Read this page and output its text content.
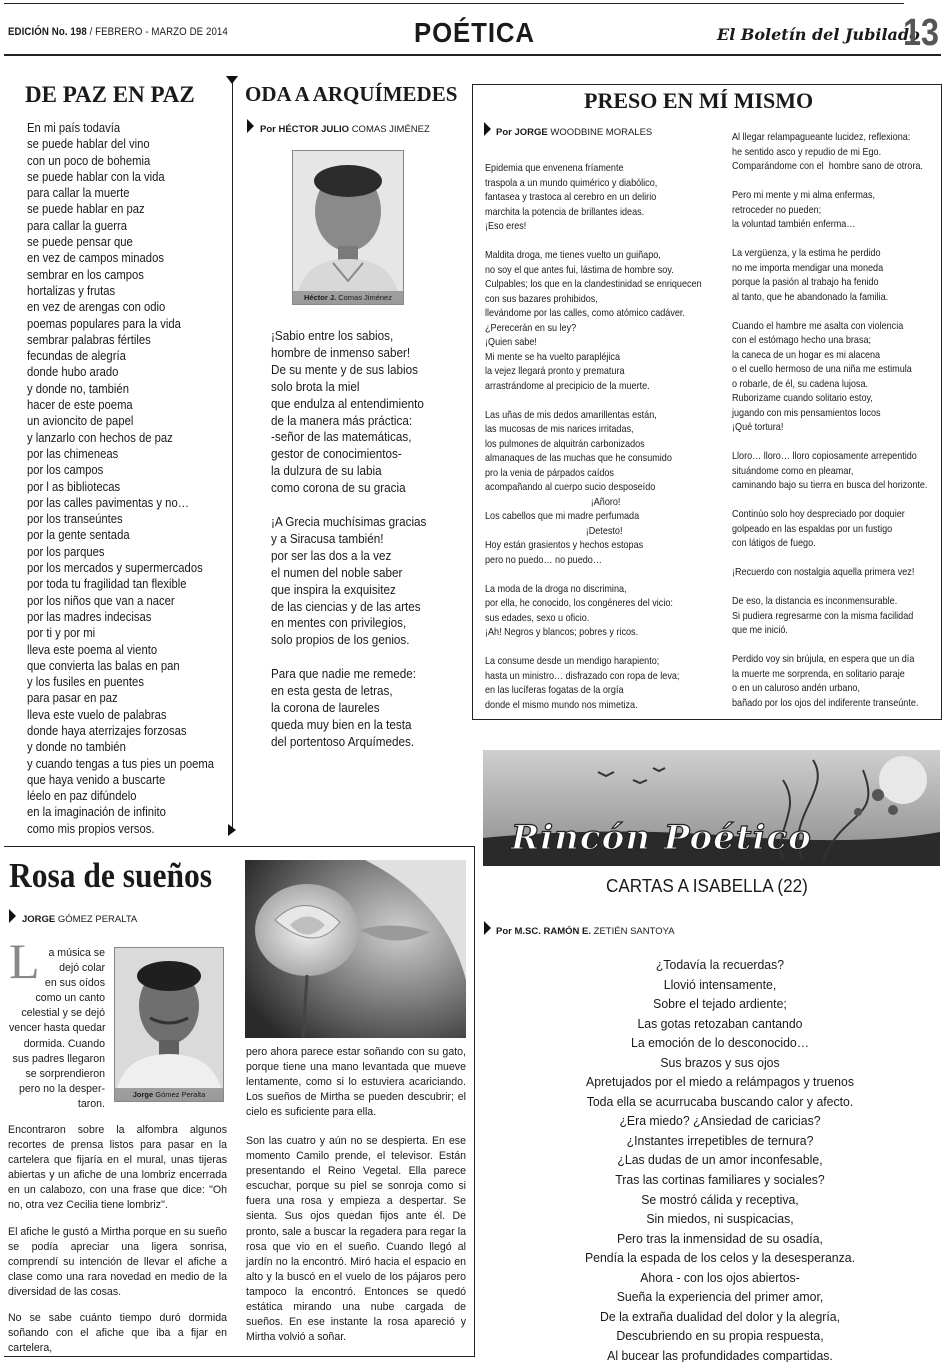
EDICIÓN No. 198 / FEBRERO - MARZO DE 2014	POÉTICA	El Boletín del Jubilado
13
DE PAZ EN PAZ
En mi país todavía
se puede hablar del vino
con un poco de bohemia
se puede hablar con la vida
para callar la muerte
se puede hablar en paz
para callar la guerra
se puede pensar que
en vez de campos minados
sembrar en los campos
hortalizas y frutas
en vez de arengas con odio
poemas populares para la vida
sembrar palabras fértiles
fecundas de alegría
donde hubo arado
y donde no, también
hacer de este poema
un avioncito de papel
y lanzarlo con hechos de paz
por las chimeneas
por los campos
por l as bibliotecas
por las calles pavimentas y no…
por los transeúntes
por la gente sentada
por los parques
por los mercados y supermercados
por toda tu fragilidad tan flexible
por los niños que van a nacer
por las madres indecisas
por ti y por mi
lleva este poema al viento
que convierta las balas en pan
y los fusiles en puentes
para pasar en paz
lleva este vuelo de palabras
donde haya aterrizajes forzosas
y donde no también
y cuando tengas a tus pies un poema
que haya venido a buscarte
léelo en paz difúndelo
en la imaginación de infinito
como mis propios versos.
ODA A ARQUÍMEDES
Por HÉCTOR JULIO COMAS JIMÉNEZ
Héctor J. Comas Jiménez
¡Sabio entre los sabios,
hombre de inmenso saber!
De su mente y de sus labios
solo brota la miel
que endulza al entendimiento
de la manera más práctica:
-señor de las matemáticas,
gestor de conocimientos-
la dulzura de su labia
como corona de su gracia

¡A Grecia muchísimas gracias
y a Siracusa también!
por ser las dos a la vez
el numen del noble saber
que inspira la exquisitez
de las ciencias y de las artes
en mentes con privilegios,
solo propios de los genios.

Para que nadie me remede:
en esta gesta de letras,
la corona de laureles
queda muy bien en la testa
del portentoso Arquímedes.
PRESO EN MÍ MISMO
Por JORGE WOODBINE MORALES
Epidemia que envenena fríamente
traspola a un mundo quiméricо y diabólico,
fantasea y trastoca al cerebro en un delirio
marchita la potencia de brillantes ideas.
¡Eso eres!

Maldita droga, me tienes vuelto un guiñapo,
no soy el que antes fui, lástima de hombre soy.
Culpables; los que en la clandestinidad se enriquecen
con sus bazares prohibidos,
llevándome por las calles, como atómico cadáver.
¿Perecerán en su ley?
¡Quien sabe!
Mi mente se ha vuelto parapléjica
la vejez llegará pronto y prematura
arrastrándome al precipicio de la muerte.

Las uñas de mis dedos amarillentas están,
las mucosas de mis narices irritadas,
los pulmones de alquitrán carbonizados
almanaques de las muchas que he consumido
pro la venia de párpados caídos
acompañando al cuerpo sucio desposeído
¡Añoro!
Los cabellos que mi madre perfumada
¡Detesto!
Hoy están grasientos y hechos estopas
pero no puedo… no puedo…

La moda de la droga no discrimina,
por ella, he conocido, los congéneres del vicio:
sus edades, sexo u oficio.
¡Ah! Negros y blancos; pobres y ricos.

La consume desde un mendigo harapiento;
hasta un ministro… disfrazado con ropa de leva;
en las lucíferas fogatas de la orgía
donde el mismo mundo nos mimetiza.
Al llegar relampagueante lucidez, reflexiona:
he sentido asco y repudio de mi Ego.
Comparándome con el  hombre sano de otrora.

Pero mi mente y mi alma enfermas,
retroceder no pueden;
la voluntad también enferma…

La vergüenza, y la estima he perdido
no me importa mendigar una moneda
porque la pasión al trabajo ha fenido
al tanto, que he abandonado la familia.

Cuando el hambre me asalta con violencia
con el estómago hecho una brasa;
la caneca de un hogar es mi alacena
o el cuello hermoso de una niña me estimula
o robarle, de él, su cadena lujosa.
Ruborizame cuando solitario estoy,
jugando con mis pensamientos locos
¡Qué tortura!

Lloro… lloro… lloro copiosamente arrepentido
situándome como en pleamar,
caminando bajo su tierra en busca del horizonte.

Continúo solo hoy despreciado por doquier
golpeado en las espaldas por un fustigo
con látigos de fuego.

¡Recuerdo con nostalgia aquella primera vez!

De eso, la distancia es inconmensurable.
Si pudiera regresarme con la misma facilidad
que me inició.

Perdido voy sin brújula, en espera que un día
la muerte me sorprenda, en solitario paraje
o en un caluroso andén urbano,
bañado por los ojos del indiferente transeúnte.
Rincón Poético
CARTAS A ISABELLA (22)
Por M.SC. RAMÓN E. ZETIÉN SANTOYA
¿Todavía la recuerdas?
Llovió intensamente,
Sobre el tejado ardiente;
Las gotas retozaban cantando
La emoción de lo desconocido…
Sus brazos y sus ojos
Apretujados por el miedo a relámpagos y truenos
Toda ella se acurrucaba buscando calor y afecto.
¿Era miedo? ¿Ansiedad de caricias?
¿Instantes irrepetibles de ternura?
¿Las dudas de un amor inconfesable,
Tras las cortinas familiares y sociales?
Se mostró cálida y receptiva,
Sin miedos, ni suspicacias,
Pero tras la inmensidad de su osadía,
Pendía la espada de los celos y la desesperanza.
Ahora - con los ojos abiertos-
Sueña la experiencia del primer amor,
De la extraña dualidad del dolor y la alegría,
Descubriendo en su propia respuesta,
Al bucear las profundidades compartidas.
Rosa de sueños
JORGE GÓMEZ PERALTA
L a música se
dejó colar
en sus oídos
como un canto
celestial y se dejó
vencer hasta quedar
dormida. Cuando
sus padres llegaron
se sorprendieron
pero no la desper-
taron.
Jorge Gómez Peralta
Encontraron sobre la alfombra algunos recortes de prensa listos para pasar en la cartelera que fijaría en el mural, unas tijeras abiertas y un afiche de una lombriz encerrada en un calabozo, con una frase que dice: "Oh no, otra vez Cecilia tiene lombriz".
El afiche le gustó a Mirtha porque en su sueño se podía apreciar una ligera sonrisa, comprendí su intención de llevar el afiche a clase como una rara novedad en medio de la diversidad de las cosas.
No se sabe cuánto tiempo duró dormida soñando con el afiche que iba a fijar en cartelera,
pero ahora parece estar soñando con su gato, porque tiene una mano levantada que mueve lentamente, como si lo estuviera acariciando. Los sueños de Mirtha se pueden descubrir; el cielo es suficiente para ella.
Son las cuatro y aún no se despierta. En ese momento Camilo prende, el televisor. Están presentando el Reino Vegetal. Ella parece escuchar, porque su piel se sonroja como si fuera una rosa y empieza a despertar. Se sienta. Sus ojos quedan fijos ante él. De pronto, sale a buscar la regadera para regar la rosa que vio en el sueño. Cuando llegó al jardín no la encontró. Miró hacia el espacio en alto y la buscó en el vuelo de los pájaros pero tampoco la encontró. Entonces se quedó estática mirando una nube cargada de sueños. En ese instante la rosa apareció y Mirtha volvió a soñar.
